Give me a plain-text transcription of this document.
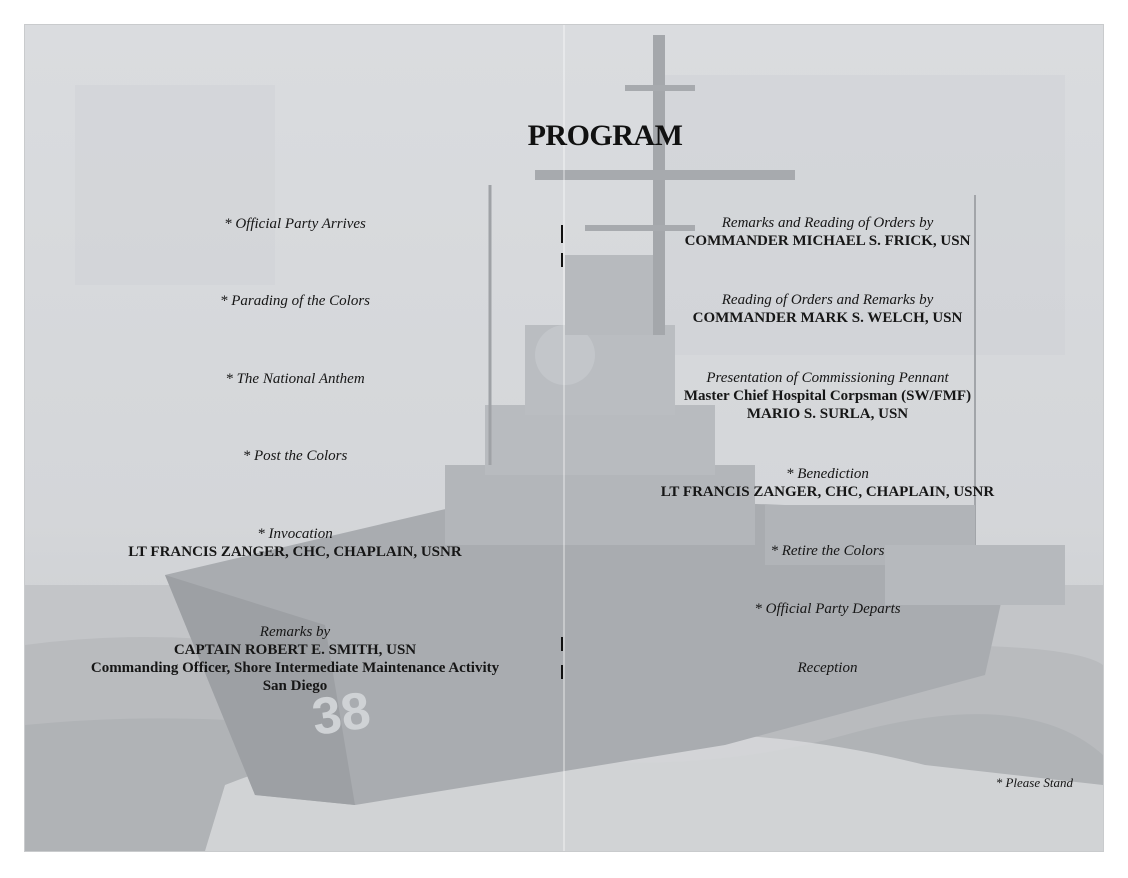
38
PROGRAM
* Official Party Arrives
* Parading of the Colors
* The National Anthem
* Post the Colors
* Invocation
LT FRANCIS ZANGER, CHC, CHAPLAIN, USNR
Remarks by
CAPTAIN ROBERT E. SMITH, USN
Commanding Officer, Shore Intermediate Maintenance Activity
San Diego
Remarks and Reading of Orders by
COMMANDER MICHAEL S. FRICK, USN
Reading of Orders and Remarks by
COMMANDER MARK S. WELCH, USN
Presentation of Commissioning Pennant
Master Chief Hospital Corpsman (SW/FMF)
MARIO S. SURLA, USN
* Benediction
LT FRANCIS ZANGER, CHC, CHAPLAIN, USNR
* Retire the Colors
* Official Party Departs
Reception
* Please Stand
